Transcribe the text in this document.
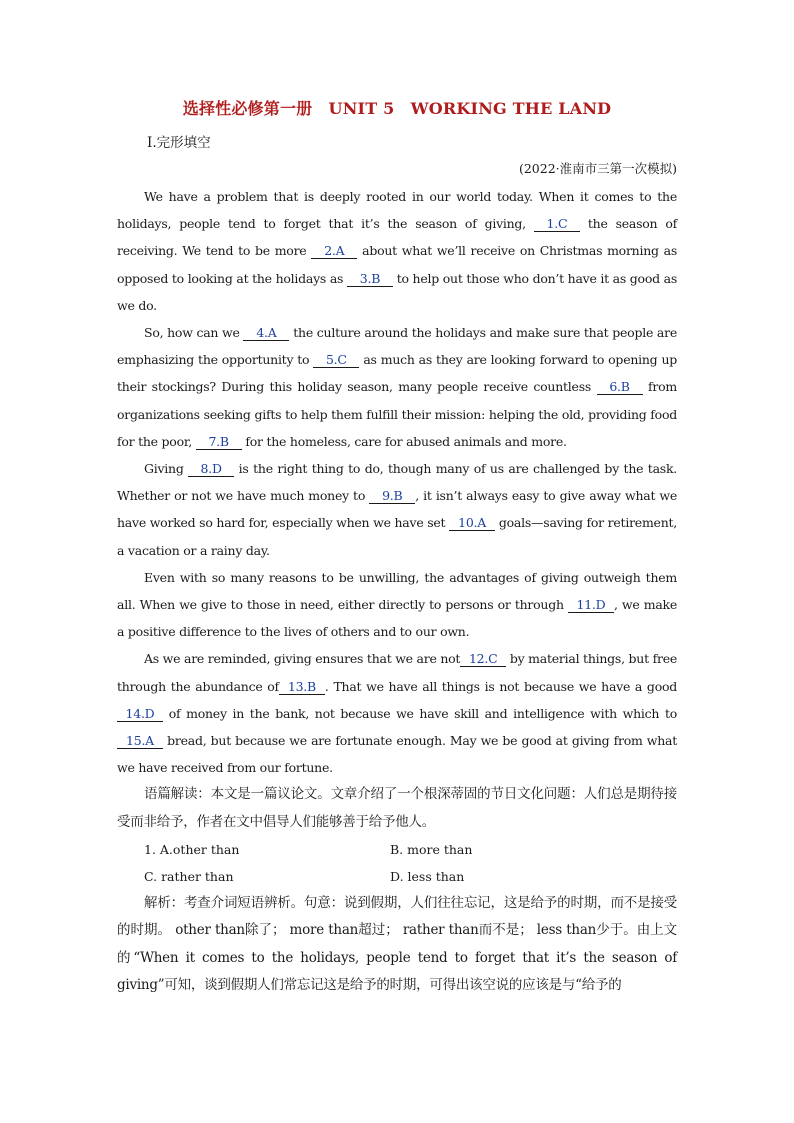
选择性必修第一册　UNIT 5　WORKING THE LAND
Ⅰ.完形填空
(2022·淮南市三第一次模拟)

We have a problem that is deeply rooted in our world today. When it comes to the holidays, people tend to forget that it’s the season of giving, 1.C the season of receiving. We tend to be more 2.A about what we’ll receive on Christmas morning as opposed to looking at the holidays as 3.B to help out those who don’t have it as good as we do.

So, how can we 4.A the culture around the holidays and make sure that people are emphasizing the opportunity to 5.C as much as they are looking forward to opening up their stockings? During this holiday season, many people receive countless 6.B from organizations seeking gifts to help them fulfill their mission: helping the old, providing food for the poor, 7.B for the homeless, care for abused animals and more.

Giving 8.D is the right thing to do, though many of us are challenged by the task. Whether or not we have much money to 9.B , it isn’t always easy to give away what we have worked so hard for, especially when we have set 10.A goals—saving for retirement, a vacation or a rainy day.

Even with so many reasons to be unwilling, the advantages of giving outweigh them all. When we give to those in need, either directly to persons or through 11.D , we make a positive difference to the lives of others and to our own.

As we are reminded, giving ensures that we are not 12.C by material things, but free through the abundance of 13.B . That we have all things is not because we have a good 14.D of money in the bank, not because we have skill and intelligence with which to 15.A bread, but because we are fortunate enough. May we be good at giving from what we have received from our fortune.

语篇解读：本文是一篇议论文。文章介绍了一个根深蒂固的节日文化问题：人们总是期待接受而非给予，作者在文中倡导人们能够善于给予他人。

1. A.other than	B. more than
C. rather than	D. less than

解析：考查介词短语辨析。句意：说到假期，人们往往忘记，这是给予的时期，而不是接受的时期。 other than除了； more than超过； rather than而不是； less than少于。由上文的“When it comes to the holidays, people tend to forget that it’s the season of giving”可知，谈到假期人们常忘记这是给予的时期，可得出该空说的应该是与“给予的
